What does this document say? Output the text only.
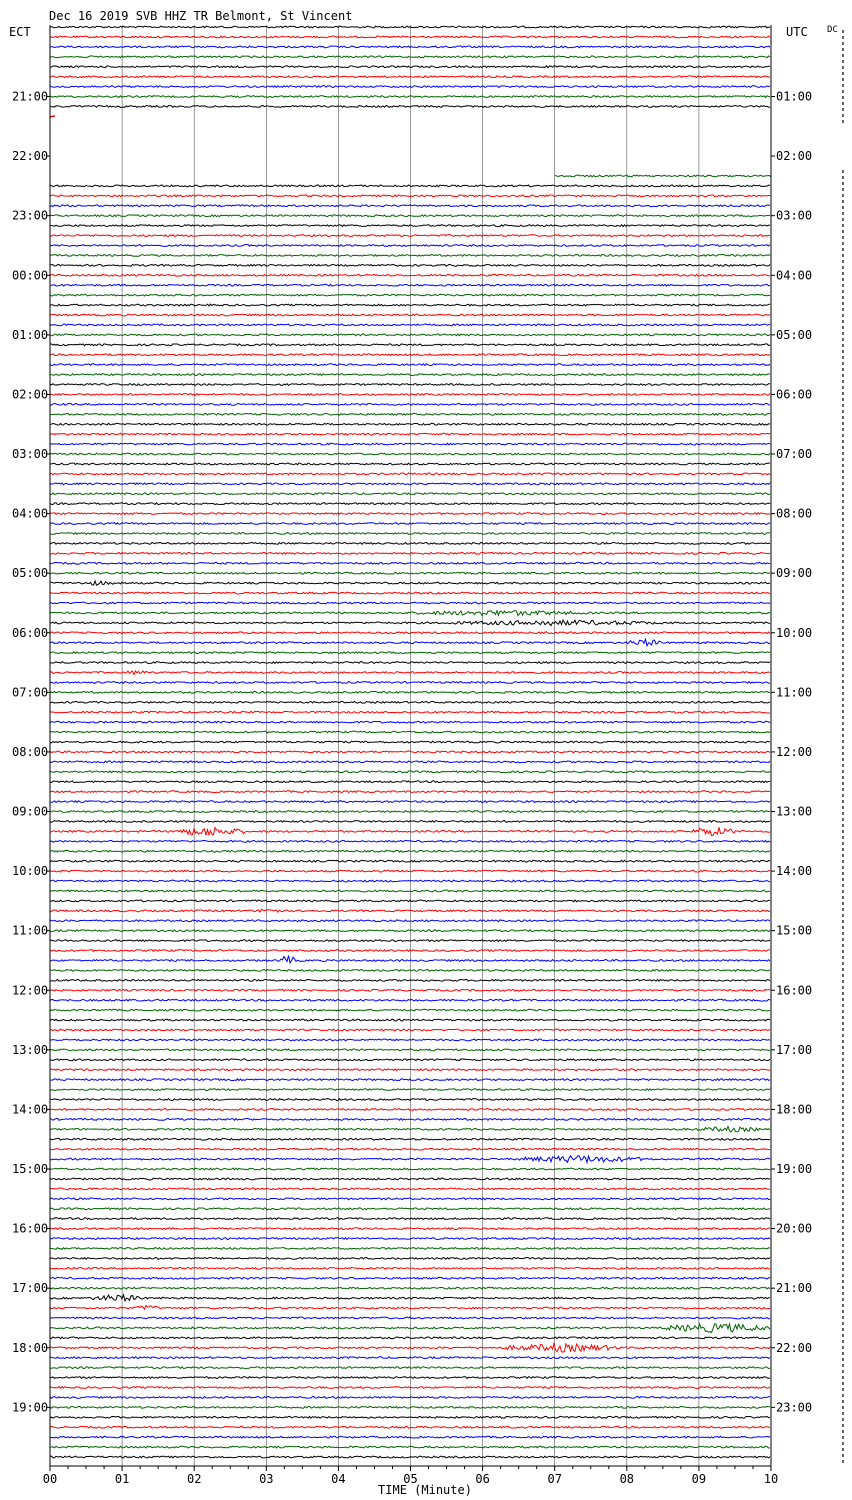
Dec 16 2019 SVB HHZ TR Belmont, St Vincent
ECT	UTC DC
TIME (Minute)
21:00
22:00
23:00
00:00
01:00
02:00
03:00
04:00
05:00
06:00
07:00
08:00
09:00
10:00
11:00
12:00
13:00
14:00
15:00
16:00
17:00
18:00
19:00
01:00
02:00
03:00
04:00
05:00
06:00
07:00
08:00
09:00
10:00
11:00
12:00
13:00
14:00
15:00
16:00
17:00
18:00
19:00
20:00
21:00
22:00
23:00
00	01	02	03	04	05	06	07	08	09	10
